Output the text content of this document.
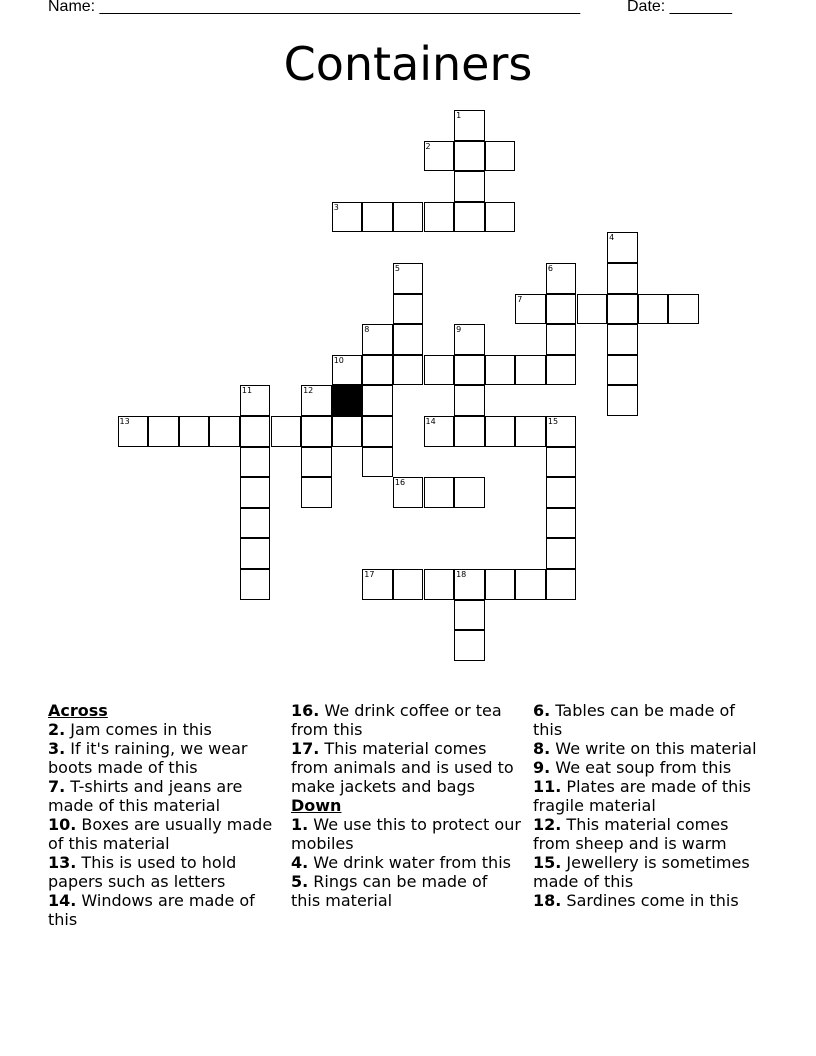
Name: ______________________________________________________	Date: _______
Containers
1
2
3
4
5	6
7
8	9
10
11	12
13	14	15
16
17	18
Across
2. Jam comes in this
3. If it's raining, we wear boots made of this
7. T-shirts and jeans are made of this material
10. Boxes are usually made of this material
13. This is used to hold papers such as letters
14. Windows are made of this
16. We drink coffee or tea from this
17. This material comes from animals and is used to make jackets and bags
Down
1. We use this to protect our mobiles
4. We drink water from this
5. Rings can be made of this material
6. Tables can be made of this
8. We write on this material
9. We eat soup from this
11. Plates are made of this fragile material
12. This material comes from sheep and is warm
15. Jewellery is sometimes made of this
18. Sardines come in this
